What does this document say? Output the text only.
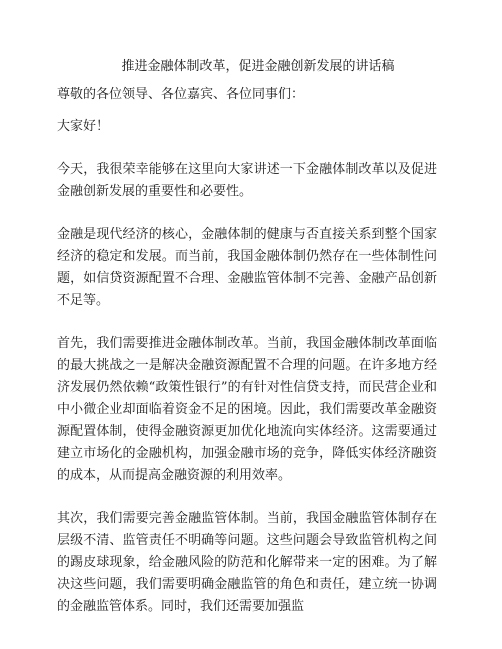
推进金融体制改革，促进金融创新发展的讲话稿
尊敬的各位领导、各位嘉宾、各位同事们：
大家好！
今天，我很荣幸能够在这里向大家讲述一下金融体制改革以及促进金融创新发展的重要性和必要性。
金融是现代经济的核心，金融体制的健康与否直接关系到整个国家经济的稳定和发展。而当前，我国金融体制仍然存在一些体制性问题，如信贷资源配置不合理、金融监管体制不完善、金融产品创新不足等。
首先，我们需要推进金融体制改革。当前，我国金融体制改革面临的最大挑战之一是解决金融资源配置不合理的问题。在许多地方经济发展仍然依赖“政策性银行”的有针对性信贷支持，而民营企业和中小微企业却面临着资金不足的困境。因此，我们需要改革金融资源配置体制，使得金融资源更加优化地流向实体经济。这需要通过建立市场化的金融机构，加强金融市场的竞争，降低实体经济融资的成本，从而提高金融资源的利用效率。
其次，我们需要完善金融监管体制。当前，我国金融监管体制存在层级不清、监管责任不明确等问题。这些问题会导致监管机构之间的踢皮球现象，给金融风险的防范和化解带来一定的困难。为了解决这些问题，我们需要明确金融监管的角色和责任，建立统一协调的金融监管体系。同时，我们还需要加强监
